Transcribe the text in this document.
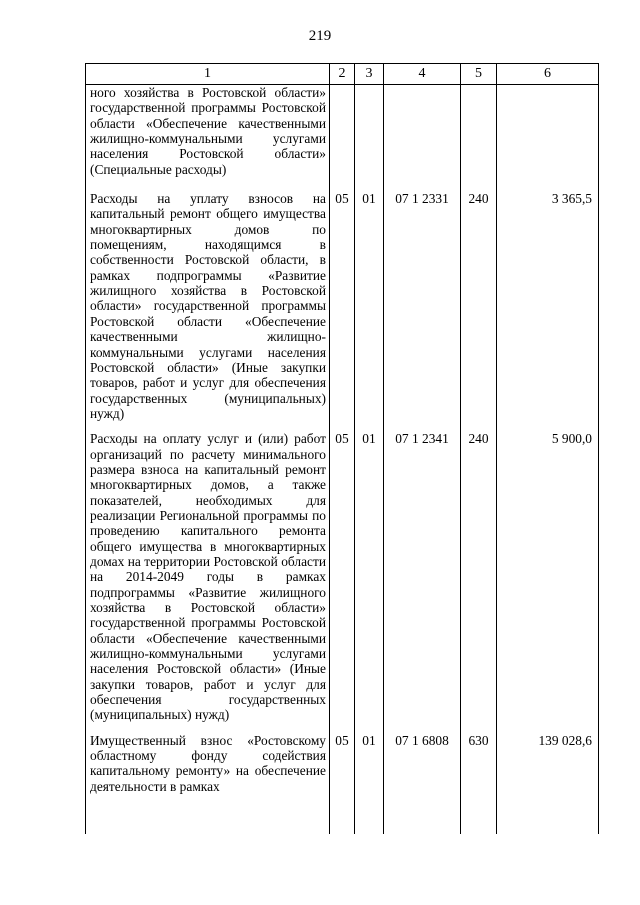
219
1	2	3	4	5	6
ного хозяйства в Ростовской области» государственной программы Ростовской области «Обеспечение качественными жилищно-коммунальными услугами населения Ростовской области» (Специальные расходы)					
Расходы на уплату взносов на капитальный ремонт общего имущества многоквартирных домов по помещениям, находящимся в собственности Ростовской области, в рамках подпрограммы «Развитие жилищного хозяйства в Ростовской области» государственной программы Ростовской области «Обеспечение качественными жилищно-коммунальными услугами населения Ростовской области» (Иные закупки товаров, работ и услуг для обеспечения государственных (муниципальных) нужд)	05	01	07 1 2331	240	3 365,5
Расходы на оплату услуг и (или) работ организаций по расчету минимального размера взноса на капитальный ремонт многоквартирных домов, а также показателей, необходимых для реализации Региональной программы по проведению капитального ремонта общего имущества в многоквартирных домах на территории Ростовской области на 2014-2049 годы в рамках подпрограммы «Развитие жилищного хозяйства в Ростовской области» государственной программы Ростовской области «Обеспечение качественными жилищно-коммунальными услугами населения Ростовской области» (Иные закупки товаров, работ и услуг для обеспечения государственных (муниципальных) нужд)	05	01	07 1 2341	240	5 900,0
Имущественный взнос «Ростовскому областному фонду содействия капитальному ремонту» на обеспечение деятельности в рамках	05	01	07 1 6808	630	139 028,6
